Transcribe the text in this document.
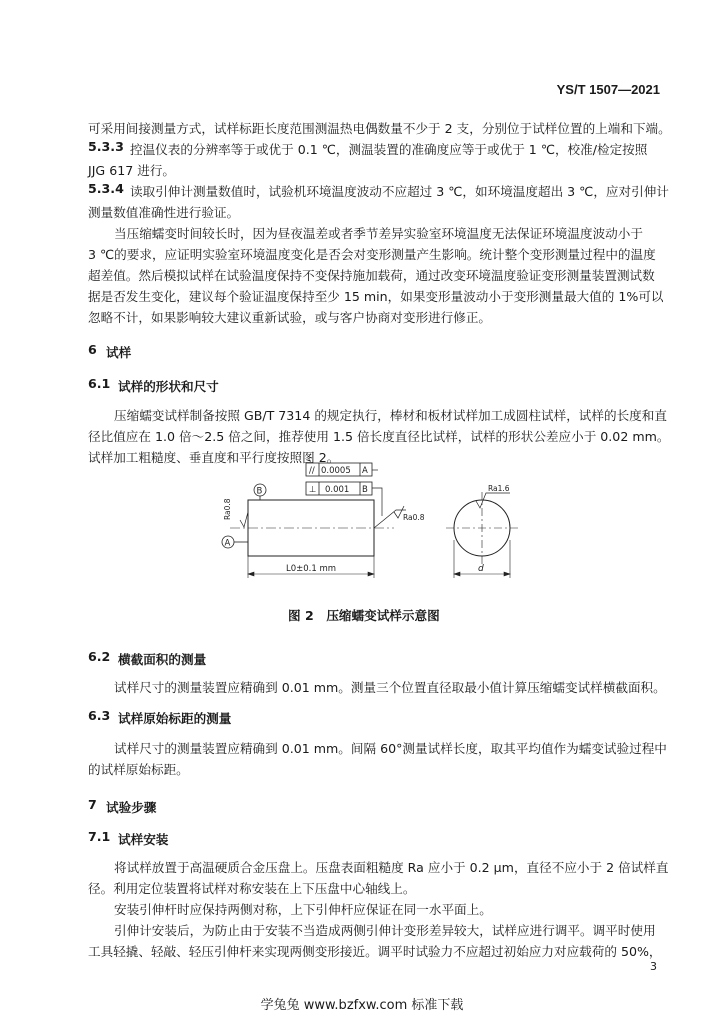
YS/T 1507—2021
可采用间接测量方式，试样标距长度范围测温热电偶数量不少于 2 支，分别位于试样位置的上端和下端。
5.3.3 控温仪表的分辨率等于或优于 0.1 ℃，测温装置的准确度应等于或优于 1 ℃，校准/检定按照
JJG 617 进行。
5.3.4 读取引伸计测量数值时，试验机环境温度波动不应超过 3 ℃，如环境温度超出 3 ℃，应对引伸计
测量数值准确性进行验证。
当压缩蠕变时间较长时，因为昼夜温差或者季节差异实验室环境温度无法保证环境温度波动小于
3 ℃的要求，应证明实验室环境温度变化是否会对变形测量产生影响。统计整个变形测量过程中的温度
超差值。然后模拟试样在试验温度保持不变保持施加载荷，通过改变环境温度验证变形测量装置测试数
据是否发生变化，建议每个验证温度保持至少 15 min，如果变形量波动小于变形测量最大值的 1%可以
忽略不计，如果影响较大建议重新试验，或与客户协商对变形进行修正。
6 试样
6.1 试样的形状和尺寸
压缩蠕变试样制备按照 GB/T 7314 的规定执行，棒材和板材试样加工成圆柱试样，试样的长度和直
径比值应在 1.0 倍～2.5 倍之间，推荐使用 1.5 倍长度直径比试样，试样的形状公差应小于 0.02 mm。
试样加工粗糙度、垂直度和平行度按照图 2。
// 0.0005 A
⊥ 0.001 B
B
A
Ra0.8	Ra0.8
L0±0.1 mm
Ra1.6
d
图 2　压缩蠕变试样示意图
6.2 横截面积的测量
试样尺寸的测量装置应精确到 0.01 mm。测量三个位置直径取最小值计算压缩蠕变试样横截面积。
6.3 试样原始标距的测量
试样尺寸的测量装置应精确到 0.01 mm。间隔 60°测量试样长度，取其平均值作为蠕变试验过程中
的试样原始标距。
7 试验步骤
7.1 试样安装
将试样放置于高温硬质合金压盘上。压盘表面粗糙度 Ra 应小于 0.2 μm，直径不应小于 2 倍试样直
径。利用定位装置将试样对称安装在上下压盘中心轴线上。
安装引伸杆时应保持两侧对称，上下引伸杆应保证在同一水平面上。
引伸计安装后，为防止由于安装不当造成两侧引伸计变形差异较大，试样应进行调平。调平时使用
工具轻撬、轻敲、轻压引伸杆来实现两侧变形接近。调平时试验力不应超过初始应力对应载荷的 50%，
3
学兔兔 www.bzfxw.com 标准下载
